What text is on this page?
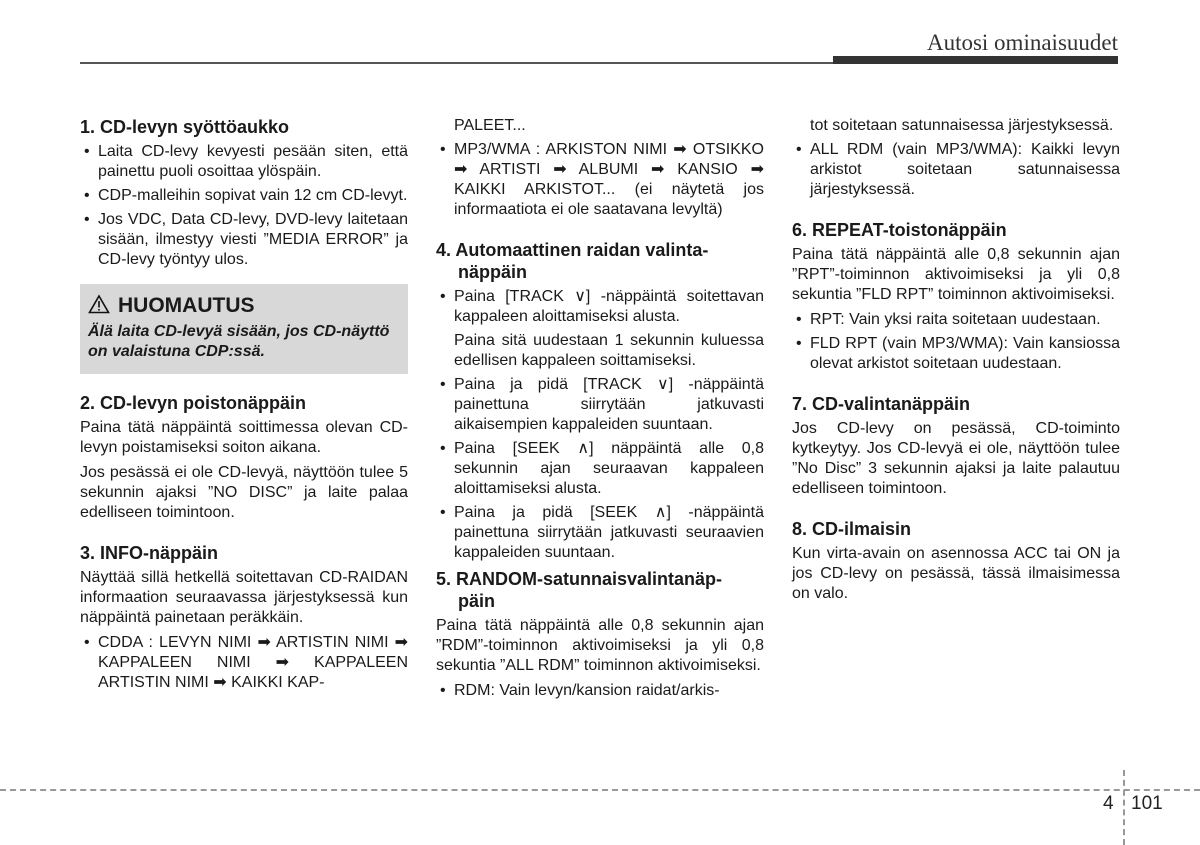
Autosi ominaisuudet
1. CD-levyn syöttöaukko
• Laita CD-levy kevyesti pesään siten, että painettu puoli osoittaa ylöspäin.
• CDP-malleihin sopivat vain 12 cm CD-levyt.
• Jos VDC, Data CD-levy, DVD-levy laitetaan sisään, ilmestyy viesti ”MEDIA ERROR” ja CD-levy työntyy ulos.
HUOMAUTUS
Älä laita CD-levyä sisään, jos CD-näyttö on valaistuna CDP:ssä.
2. CD-levyn poistonäppäin

Paina tätä näppäintä soittimessa olevan CD-levyn poistamiseksi soiton aikana.

Jos pesässä ei ole CD-levyä, näyttöön tulee 5 sekunnin ajaksi ”NO DISC” ja laite palaa edelliseen toimintoon.

3. INFO-näppäin

Näyttää sillä hetkellä soitettavan CD-RAIDAN informaation seuraavassa järjestyksessä kun näppäintä painetaan peräkkäin.

• CDDA : LEVYN NIMI ➡ ARTISTIN NIMI ➡ KAPPALEEN NIMI ➡ KAPPALEEN ARTISTIN NIMI ➡ KAIKKI KAP-
PALEET...
• MP3/WMA : ARKISTON NIMI ➡ OTSIKKO ➡ ARTISTI ➡ ALBUMI ➡ KANSIO ➡ KAIKKI ARKISTOT... (ei näytetä jos informaatiota ei ole saatavana levyltä)
4. Automaattinen raidan valinta-
näppäin
• Paina [TRACK ∨] -näppäintä soitettavan kappaleen aloittamiseksi alusta.
Paina sitä uudestaan 1 sekunnin kuluessa edellisen kappaleen soittamiseksi.
• Paina ja pidä [TRACK ∨] -näppäintä painettuna siirrytään jatkuvasti aikaisempien kappaleiden suuntaan.
• Paina [SEEK ∧] näppäintä alle 0,8 sekunnin ajan seuraavan kappaleen aloittamiseksi alusta.
• Paina ja pidä [SEEK ∧] -näppäintä painettuna siirrytään jatkuvasti seuraavien kappaleiden suuntaan.
5. RANDOM-satunnaisvalintanäp-
päin

Paina tätä näppäintä alle 0,8 sekunnin ajan ”RDM”-toiminnon aktivoimiseksi ja yli 0,8 sekuntia ”ALL RDM” toiminnon aktivoimiseksi.

• RDM: Vain levyn/kansion raidat/arkis-
tot soitetaan satunnaisessa järjestyksessä.
• ALL RDM (vain MP3/WMA): Kaikki levyn arkistot soitetaan satunnaisessa järjestyksessä.
6. REPEAT-toistonäppäin

Paina tätä näppäintä alle 0,8 sekunnin ajan ”RPT”-toiminnon aktivoimiseksi ja yli 0,8 sekuntia ”FLD RPT” toiminnon aktivoimiseksi.

• RPT: Vain yksi raita soitetaan uudestaan.
• FLD RPT (vain MP3/WMA): Vain kansiossa olevat arkistot soitetaan uudestaan.
7. CD-valintanäppäin

Jos CD-levy on pesässä, CD-toiminto kytkeytyy. Jos CD-levyä ei ole, näyttöön tulee ”No Disc” 3 sekunnin ajaksi ja laite palautuu edelliseen toimintoon.

8. CD-ilmaisin

Kun virta-avain on asennossa ACC tai ON ja jos CD-levy on pesässä, tässä ilmaisimessa on valo.

4 101
